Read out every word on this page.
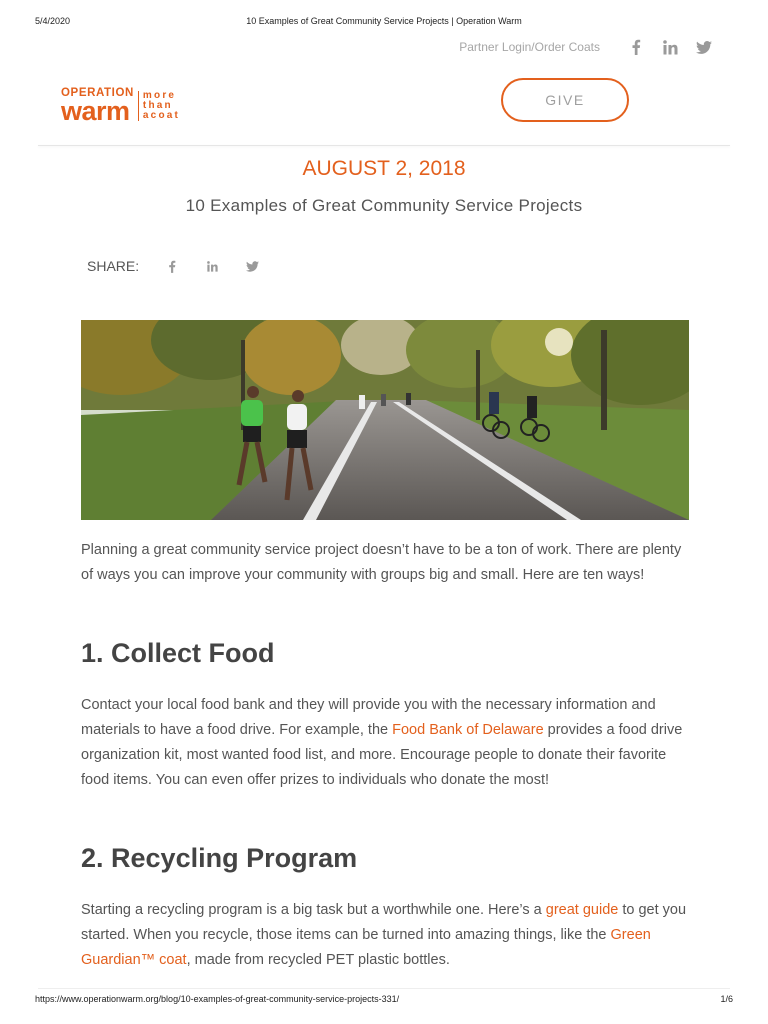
5/4/2020	10 Examples of Great Community Service Projects | Operation Warm
Partner Login/Order Coats
OPERATION
warm	more
than
acoat
GIVE
AUGUST 2, 2018
10 Examples of Great Community Service Projects
SHARE:

Planning a great community service project doesn’t have to be a ton of work. There are plenty of ways you can improve your community with groups big and small. Here are ten ways!

1. Collect Food

Contact your local food bank and they will provide you with the necessary information and materials to have a food drive. For example, the Food Bank of Delaware provides a food drive organization kit, most wanted food list, and more. Encourage people to donate their favorite food items. You can even offer prizes to individuals who donate the most!

2. Recycling Program

Starting a recycling program is a big task but a worthwhile one. Here’s a great guide to get you started. When you recycle, those items can be turned into amazing things, like the Green Guardian™ coat, made from recycled PET plastic bottles.

https://www.operationwarm.org/blog/10-examples-of-great-community-service-projects-331/	1/6
